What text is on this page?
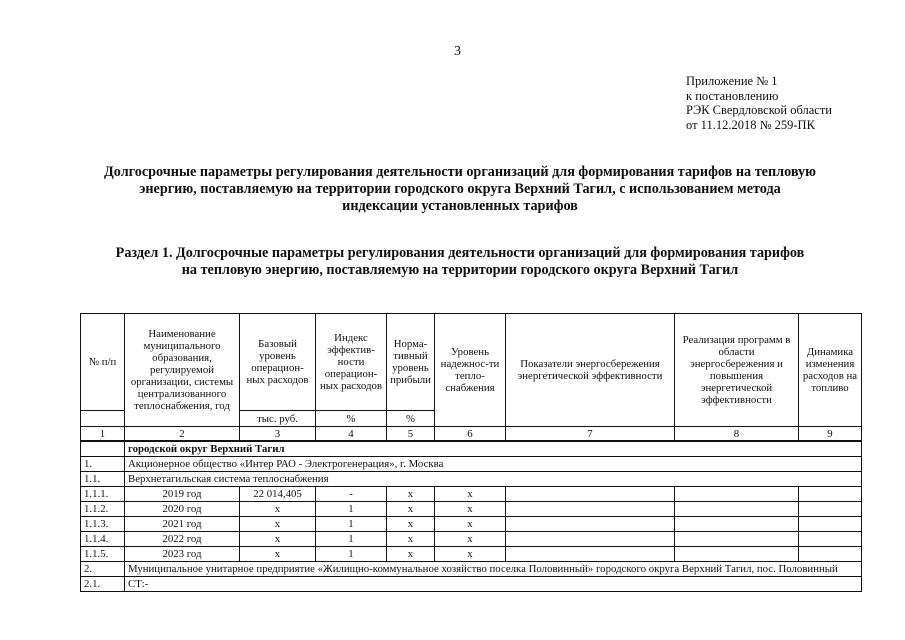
3
Приложение № 1
к постановлению
РЭК Свердловской области
от 11.12.2018 № 259-ПК
Долгосрочные параметры регулирования деятельности организаций для формирования тарифов на тепловую
энергию, поставляемую на территории городского округа Верхний Тагил, с использованием метода
индексации установленных тарифов
Раздел 1. Долгосрочные параметры регулирования деятельности организаций для формирования тарифов
на тепловую энергию, поставляемую на территории городского округа Верхний Тагил
№ п/п	Наименование муниципального образования, регулируемой организации, системы централизованного теплоснабжения, год	Базовый уровень операцион-ных расходов	Индекс эффектив-ности операцион-ных расходов	Норма-тивный уровень прибыли	Уровень надежнос-ти тепло-снабжения	Показатели энергосбережения энергетической эффективности	Реализация программ в области энергосбережения и повышения энергетической эффективности	Динамика изменения расходов на топливо
		тыс. руб.	%	%				
1	2	3	4	5	6	7	8	9
	городской округ Верхний Тагил							
1.	Акционерное общество «Интер РАО - Электрогенерация», г. Москва							
1.1.	Верхнетагильская система теплоснабжения							
1.1.1.	2019 год	22 014,405	-	x	x			
1.1.2.	2020 год	x	1	x	x			
1.1.3.	2021 год	x	1	x	x			
1.1.4.	2022 год	x	1	x	x			
1.1.5.	2023 год	x	1	x	x			
2.	Муниципальное унитарное предприятие «Жилищно-коммунальное хозяйство поселка Половинный» городского округа Верхний Тагил, пос. Половинный							
2.1.	СТ:-							
